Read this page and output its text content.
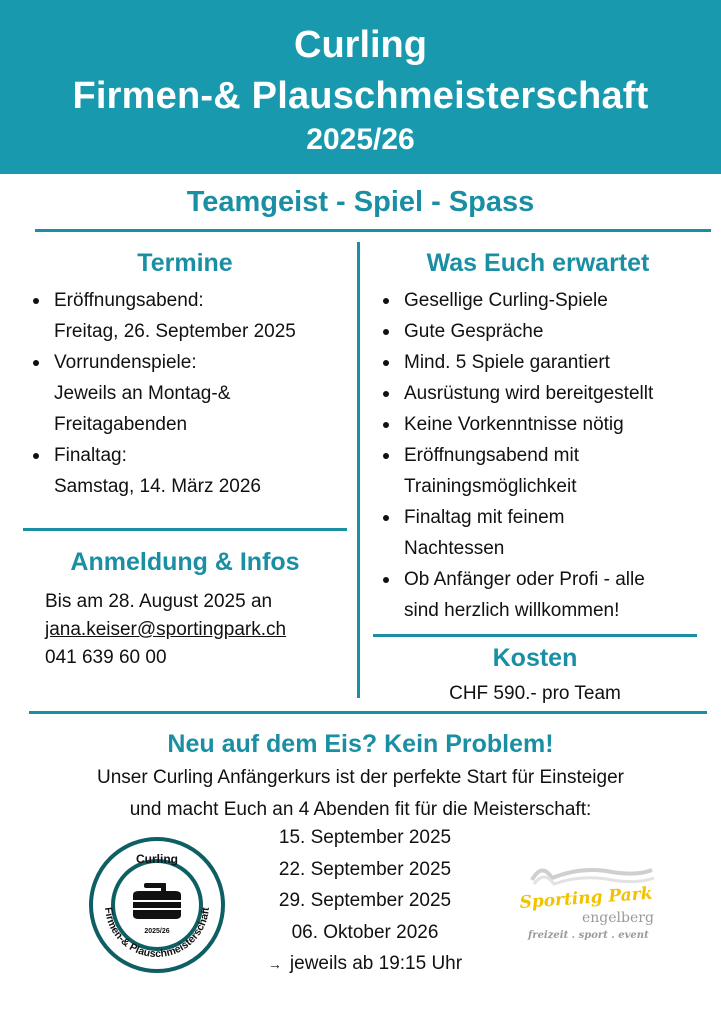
Curling
Firmen-& Plauschmeisterschaft
2025/26
Teamgeist - Spiel - Spass
Termine
Eröffnungsabend:
Freitag, 26. September 2025
Vorrundenspiele:
Jeweils an Montag-&
Freitagabenden
Finaltag:
Samstag, 14. März 2026
Was Euch erwartet
Gesellige Curling-Spiele
Gute Gespräche
Mind. 5 Spiele garantiert
Ausrüstung wird bereitgestellt
Keine Vorkenntnisse nötig
Eröffnungsabend mit
Trainingsmöglichkeit
Finaltag mit feinem
Nachtessen
Ob Anfänger oder Profi - alle
sind herzlich willkommen!
Anmeldung & Infos
Bis am 28. August 2025 an
jana.keiser@sportingpark.ch
041 639 60 00	Kosten
CHF 590.- pro Team
Neu auf dem Eis? Kein Problem!
Unser Curling Anfängerkurs ist der perfekte Start für Einsteiger
und macht Euch an 4 Abenden fit für die Meisterschaft:
15. September 2025
22. September 2025
29. September 2025
06. Oktober 2026
→ jeweils ab 19:15 Uhr
Curling
Firmen-& Plauschmeisterschaft
2025/26
Sporting Park
engelberg
freizeit . sport . event
